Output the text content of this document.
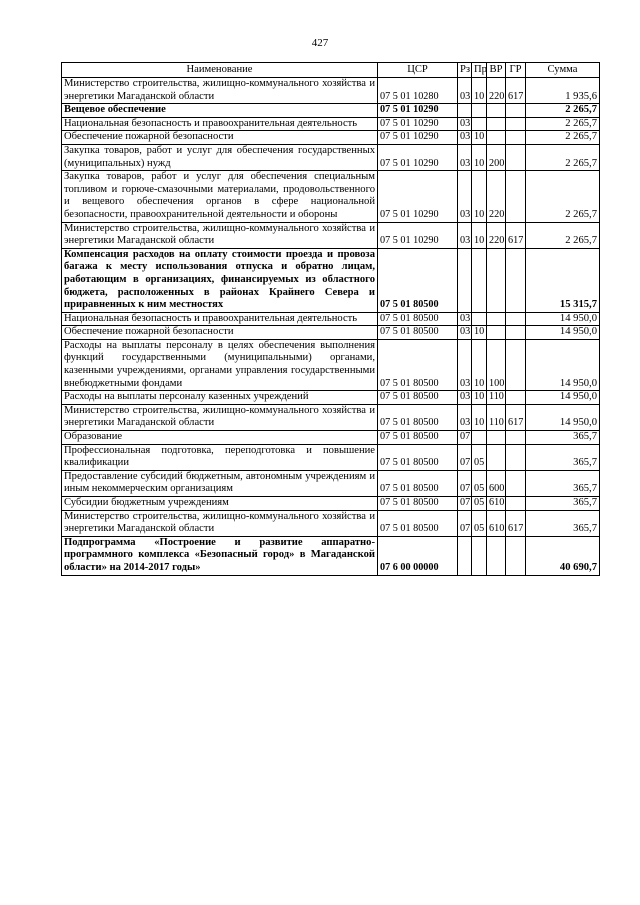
427
Наименование	ЦСР	Рз	Пр	ВР	ГР	Сумма
Министерство строительства, жилищно-коммунального хозяйства и энергетики Магаданской области	07 5 01 10280	03	10	220	617	1 935,6
Вещевое обеспечение	07 5 01 10290					2 265,7
Национальная безопасность и правоохранительная деятельность	07 5 01 10290	03				2 265,7
Обеспечение пожарной безопасности	07 5 01 10290	03	10			2 265,7
Закупка товаров, работ и услуг для обеспечения государственных (муниципальных) нужд	07 5 01 10290	03	10	200		2 265,7
Закупка товаров, работ и услуг для обеспечения специальным топливом и горюче-смазочными материалами, продовольственного и вещевого обеспечения органов в сфере национальной безопасности, правоохранительной деятельности и обороны	07 5 01 10290	03	10	220		2 265,7
Министерство строительства, жилищно-коммунального хозяйства и энергетики Магаданской области	07 5 01 10290	03	10	220	617	2 265,7
Компенсация расходов на оплату стоимости проезда и провоза багажа к месту использования отпуска и обратно лицам, работающим в организациях, финансируемых из областного бюджета, расположенных в районах Крайнего Севера и приравненных к ним местностях	07 5 01 80500					15 315,7
Национальная безопасность и правоохранительная деятельность	07 5 01 80500	03				14 950,0
Обеспечение пожарной безопасности	07 5 01 80500	03	10			14 950,0
Расходы на выплаты персоналу в целях обеспечения выполнения функций государственными (муниципальными) органами, казенными учреждениями, органами управления государственными внебюджетными фондами	07 5 01 80500	03	10	100		14 950,0
Расходы на выплаты персоналу казенных учреждений	07 5 01 80500	03	10	110		14 950,0
Министерство строительства, жилищно-коммунального хозяйства и энергетики Магаданской области	07 5 01 80500	03	10	110	617	14 950,0
Образование	07 5 01 80500	07				365,7
Профессиональная подготовка, переподготовка и повышение квалификации	07 5 01 80500	07	05			365,7
Предоставление субсидий бюджетным, автономным учреждениям и иным некоммерческим организациям	07 5 01 80500	07	05	600		365,7
Субсидии бюджетным учреждениям	07 5 01 80500	07	05	610		365,7
Министерство строительства, жилищно-коммунального хозяйства и энергетики Магаданской области	07 5 01 80500	07	05	610	617	365,7
Подпрограмма «Построение и развитие аппаратно-программного комплекса «Безопасный город» в Магаданской области» на 2014-2017 годы»	07 6 00 00000					40 690,7
